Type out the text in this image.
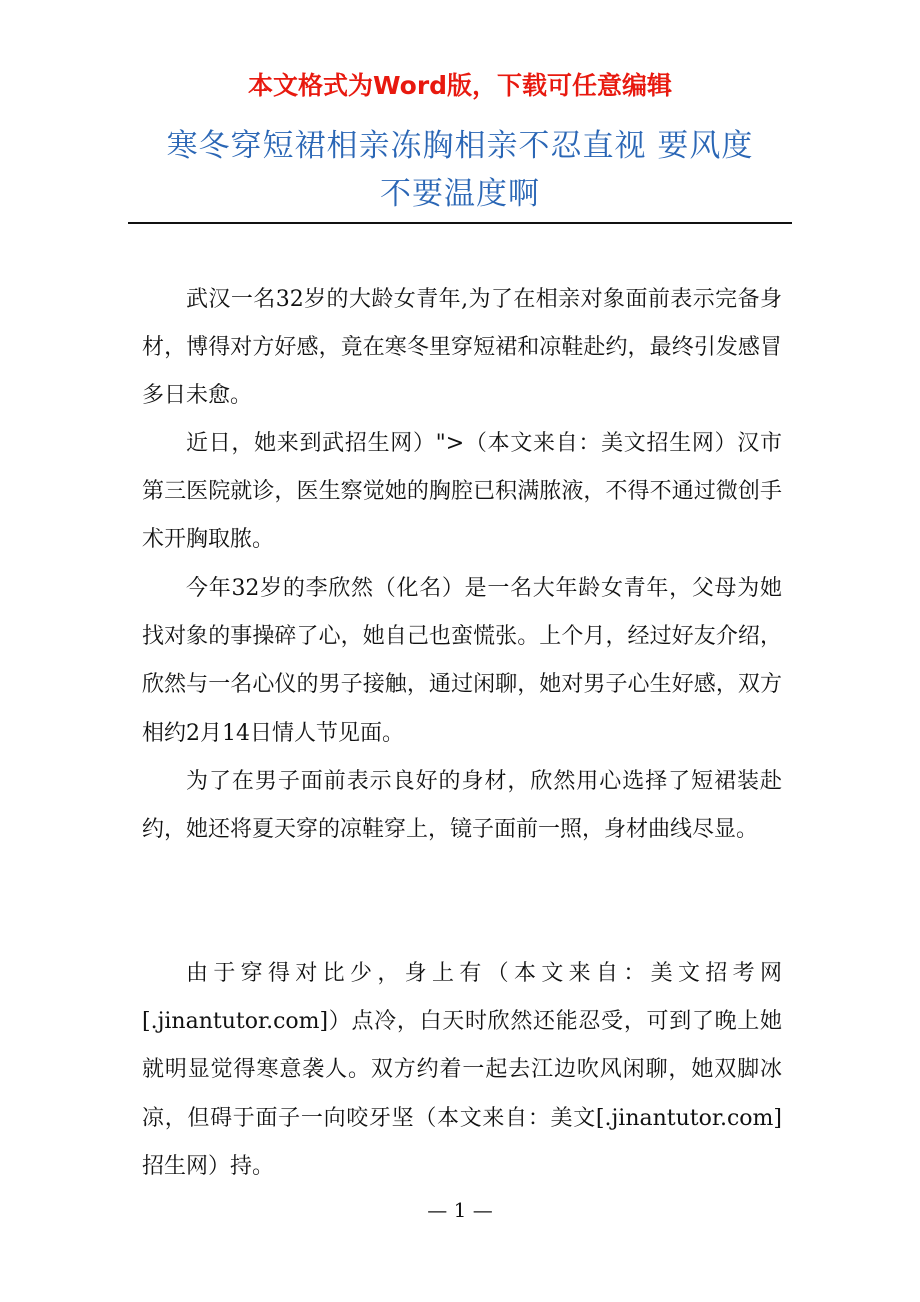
本文格式为Word版，下载可任意编辑
寒冬穿短裙相亲冻胸相亲不忍直视 要风度
不要温度啊

武汉一名32岁的大龄女青年,为了在相亲对象面前表示完备身材，博得对方好感，竟在寒冬里穿短裙和凉鞋赴约，最终引发感冒多日未愈。

近日，她来到武招生网）">（本文来自：美文招生网）汉市第三医院就诊，医生察觉她的胸腔已积满脓液，不得不通过微创手术开胸取脓。

今年32岁的李欣然（化名）是一名大年龄女青年，父母为她找对象的事操碎了心，她自己也蛮慌张。上个月，经过好友介绍，欣然与一名心仪的男子接触，通过闲聊，她对男子心生好感，双方相约2月14日情人节见面。

为了在男子面前表示良好的身材，欣然用心选择了短裙装赴约，她还将夏天穿的凉鞋穿上，镜子面前一照，身材曲线尽显。

由于穿得对比少，身上有（本文来自：美文招考网[.jinantutor.com]）点冷，白天时欣然还能忍受，可到了晚上她就明显觉得寒意袭人。双方约着一起去江边吹风闲聊，她双脚冰凉，但碍于面子一向咬牙坚（本文来自：美文[.jinantutor.com]招生网）持。

— 1 —
